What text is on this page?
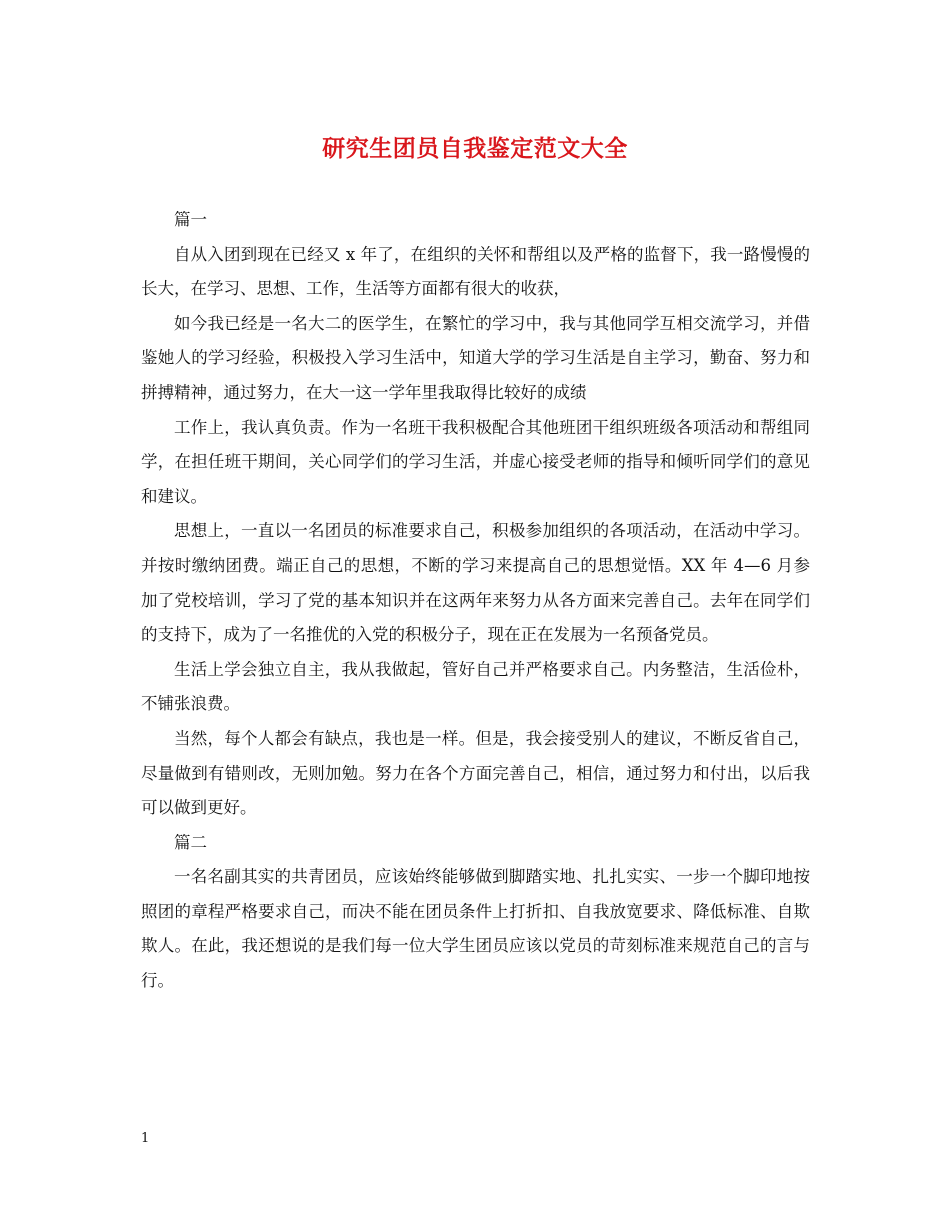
研究生团员自我鉴定范文大全

篇一

自从入团到现在已经又 x 年了，在组织的关怀和帮组以及严格的监督下，我一路慢慢的长大，在学习、思想、工作，生活等方面都有很大的收获，

如今我已经是一名大二的医学生，在繁忙的学习中，我与其他同学互相交流学习，并借鉴她人的学习经验，积极投入学习生活中，知道大学的学习生活是自主学习，勤奋、努力和拼搏精神，通过努力，在大一这一学年里我取得比较好的成绩

工作上，我认真负责。作为一名班干我积极配合其他班团干组织班级各项活动和帮组同学，在担任班干期间，关心同学们的学习生活，并虚心接受老师的指导和倾听同学们的意见和建议。

思想上，一直以一名团员的标准要求自己，积极参加组织的各项活动，在活动中学习。并按时缴纳团费。端正自己的思想，不断的学习来提高自己的思想觉悟。XX 年 4—6 月参加了党校培训，学习了党的基本知识并在这两年来努力从各方面来完善自己。去年在同学们的支持下，成为了一名推优的入党的积极分子，现在正在发展为一名预备党员。

生活上学会独立自主，我从我做起，管好自己并严格要求自己。内务整洁，生活俭朴，不铺张浪费。

当然，每个人都会有缺点，我也是一样。但是，我会接受别人的建议，不断反省自己，尽量做到有错则改，无则加勉。努力在各个方面完善自己，相信，通过努力和付出，以后我可以做到更好。

篇二

一名名副其实的共青团员，应该始终能够做到脚踏实地、扎扎实实、一步一个脚印地按照团的章程严格要求自己，而决不能在团员条件上打折扣、自我放宽要求、降低标准、自欺欺人。在此，我还想说的是我们每一位大学生团员应该以党员的苛刻标准来规范自己的言与行。

1
